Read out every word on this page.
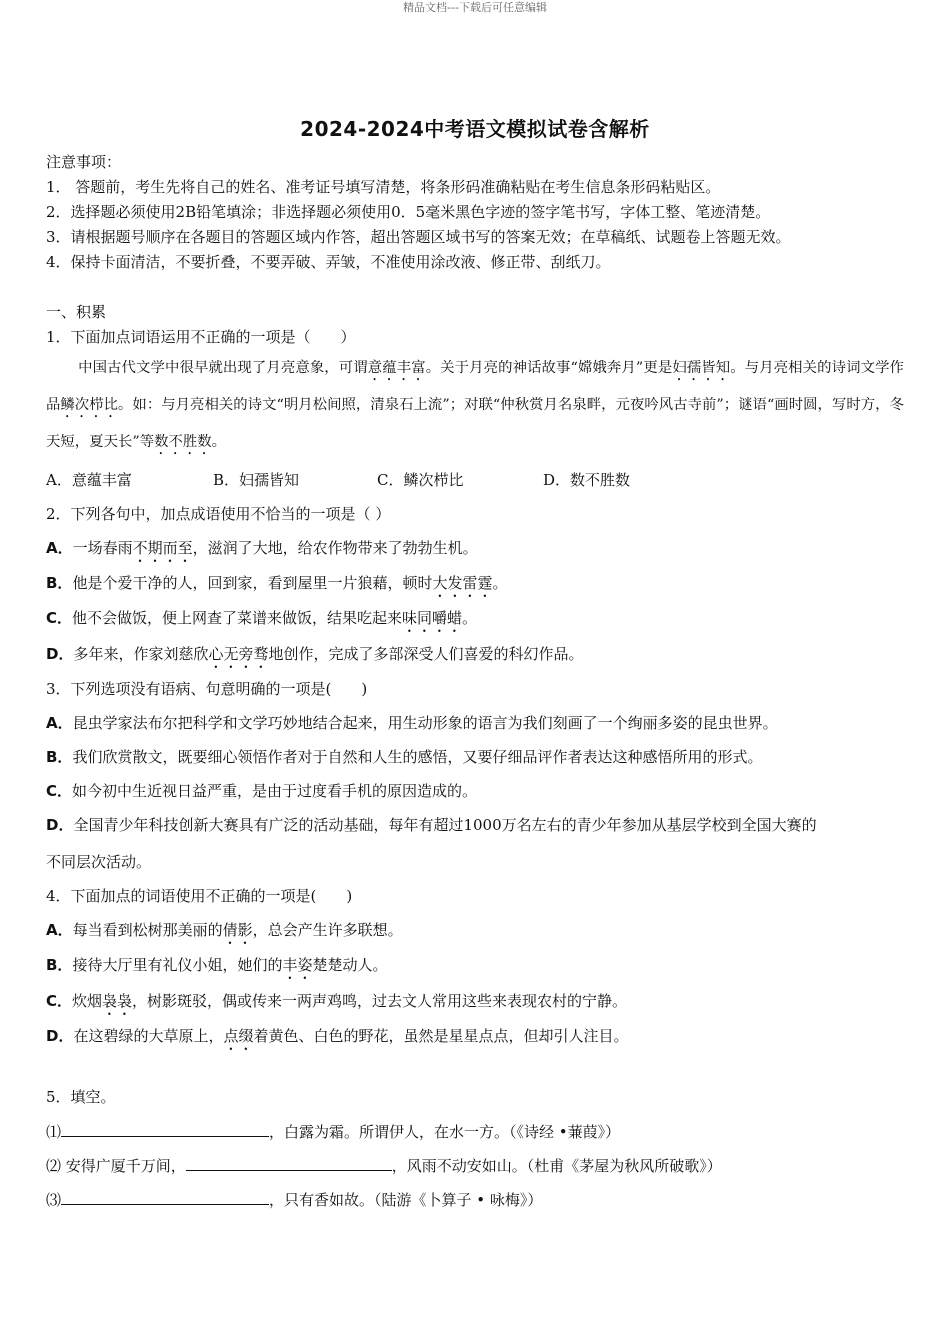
精品文档---下载后可任意编辑
2024-2024中考语文模拟试卷含解析
注意事项：
1． 答题前，考生先将自己的姓名、准考证号填写清楚，将条形码准确粘贴在考生信息条形码粘贴区。
2．选择题必须使用2B铅笔填涂；非选择题必须使用0．5毫米黑色字迹的签字笔书写，字体工整、笔迹清楚。
3．请根据题号顺序在各题目的答题区域内作答，超出答题区域书写的答案无效；在草稿纸、试题卷上答题无效。
4．保持卡面清洁，不要折叠，不要弄破、弄皱，不准使用涂改液、修正带、刮纸刀。
一、积累
1．下面加点词语运用不正确的一项是（　　）
中国古代文学中很早就出现了月亮意象，可谓意蕴丰富。关于月亮的神话故事“嫦娥奔月”更是妇孺皆知。与月亮相关的诗词文学作品鳞次栉比。如：与月亮相关的诗文“明月松间照，清泉石上流”；对联“仲秋赏月名泉畔，元夜吟风古寺前”；谜语“画时圆，写时方，冬天短，夏天长”等数不胜数。
A．意蕴丰富	B．妇孺皆知	C．鳞次栉比	D．数不胜数
2．下列各句中，加点成语使用不恰当的一项是（ ）
A．一场春雨不期而至，滋润了大地，给农作物带来了勃勃生机。
B．他是个爱干净的人，回到家，看到屋里一片狼藉，顿时大发雷霆。
C．他不会做饭，便上网查了菜谱来做饭，结果吃起来味同嚼蜡。
D．多年来，作家刘慈欣心无旁骛地创作，完成了多部深受人们喜爱的科幻作品。
3．下列选项没有语病、句意明确的一项是(　　)
A．昆虫学家法布尔把科学和文学巧妙地结合起来，用生动形象的语言为我们刻画了一个绚丽多姿的昆虫世界。
B．我们欣赏散文，既要细心领悟作者对于自然和人生的感悟，又要仔细品评作者表达这种感悟所用的形式。
C．如今初中生近视日益严重，是由于过度看手机的原因造成的。
D．全国青少年科技创新大赛具有广泛的活动基础，每年有超过1000万名左右的青少年参加从基层学校到全国大赛的
不同层次活动。
4．下面加点的词语使用不正确的一项是(　　)
A．每当看到松树那美丽的倩影，总会产生许多联想。
B．接待大厅里有礼仪小姐，她们的丰姿楚楚动人。
C．炊烟袅袅，树影斑驳，偶或传来一两声鸡鸣，过去文人常用这些来表现农村的宁静。
D．在这碧绿的大草原上，点缀着黄色、白色的野花，虽然是星星点点，但却引人注目。
5．填空。
⑴	，白露为霜。所谓伊人，在水一方。（《诗经 •蒹葭》）
⑵ 安得广厦千万间，	，风雨不动安如山。（杜甫《茅屋为秋风所破歌》）
⑶	，只有香如故。（陆游《卜算子 • 咏梅》）
